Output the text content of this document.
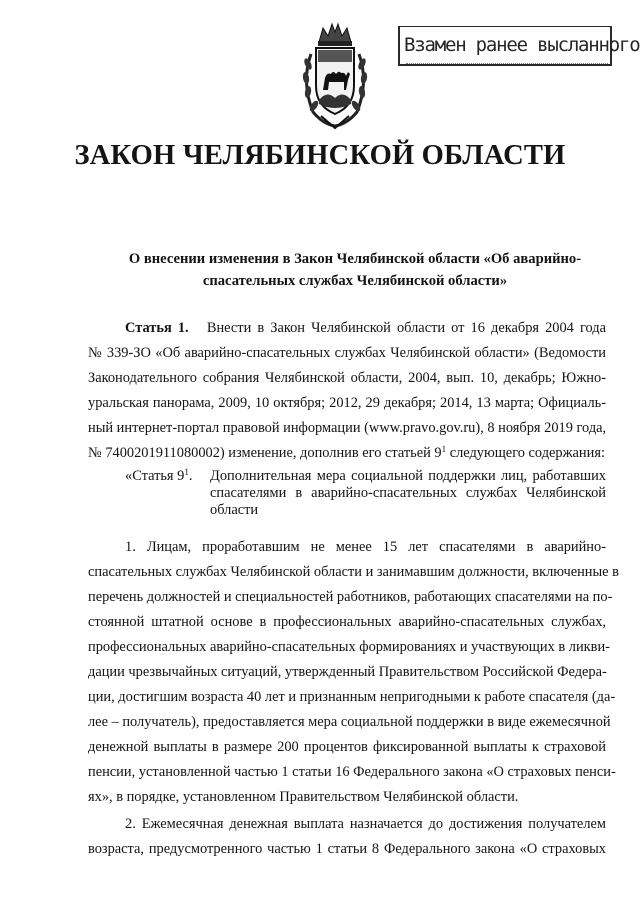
Взамен ранее высланного
ЗАКОН ЧЕЛЯБИНСКОЙ ОБЛАСТИ
О внесении изменения в Закон Челябинской области «Об аварийно-
спасательных службах Челябинской области»
Статья 1. Внести в Закон Челябинской области от 16 декабря 2004 года
№ 339-ЗО «Об аварийно-спасательных службах Челябинской области» (Ведомости
Законодательного собрания Челябинской области, 2004, вып. 10, декабрь; Южно-
уральская панорама, 2009, 10 октября; 2012, 29 декабря; 2014, 13 марта; Официаль-
ный интернет-портал правовой информации (www.pravo.gov.ru), 8 ноября 2019 года,
№ 7400201911080002) изменение, дополнив его статьей $9^1$ следующего содержания:
«Статья $9^1$. Дополнительная мера социальной поддержки лиц, работавших
спасателями в аварийно-спасательных службах Челябинской
области
1. Лицам, проработавшим не менее 15 лет спасателями в аварийно-
спасательных службах Челябинской области и занимавшим должности, включенные в
перечень должностей и специальностей работников, работающих спасателями на по-
стоянной штатной основе в профессиональных аварийно-спасательных службах,
профессиональных аварийно-спасательных формированиях и участвующих в ликви-
дации чрезвычайных ситуаций, утвержденный Правительством Российской Федера-
ции, достигшим возраста 40 лет и признанным непригодными к работе спасателя (да-
лее – получатель), предоставляется мера социальной поддержки в виде ежемесячной
денежной выплаты в размере 200 процентов фиксированной выплаты к страховой
пенсии, установленной частью 1 статьи 16 Федерального закона «О страховых пенси-
ях», в порядке, установленном Правительством Челябинской области.
2. Ежемесячная денежная выплата назначается до достижения получателем
возраста, предусмотренного частью 1 статьи 8 Федерального закона «О страховых
